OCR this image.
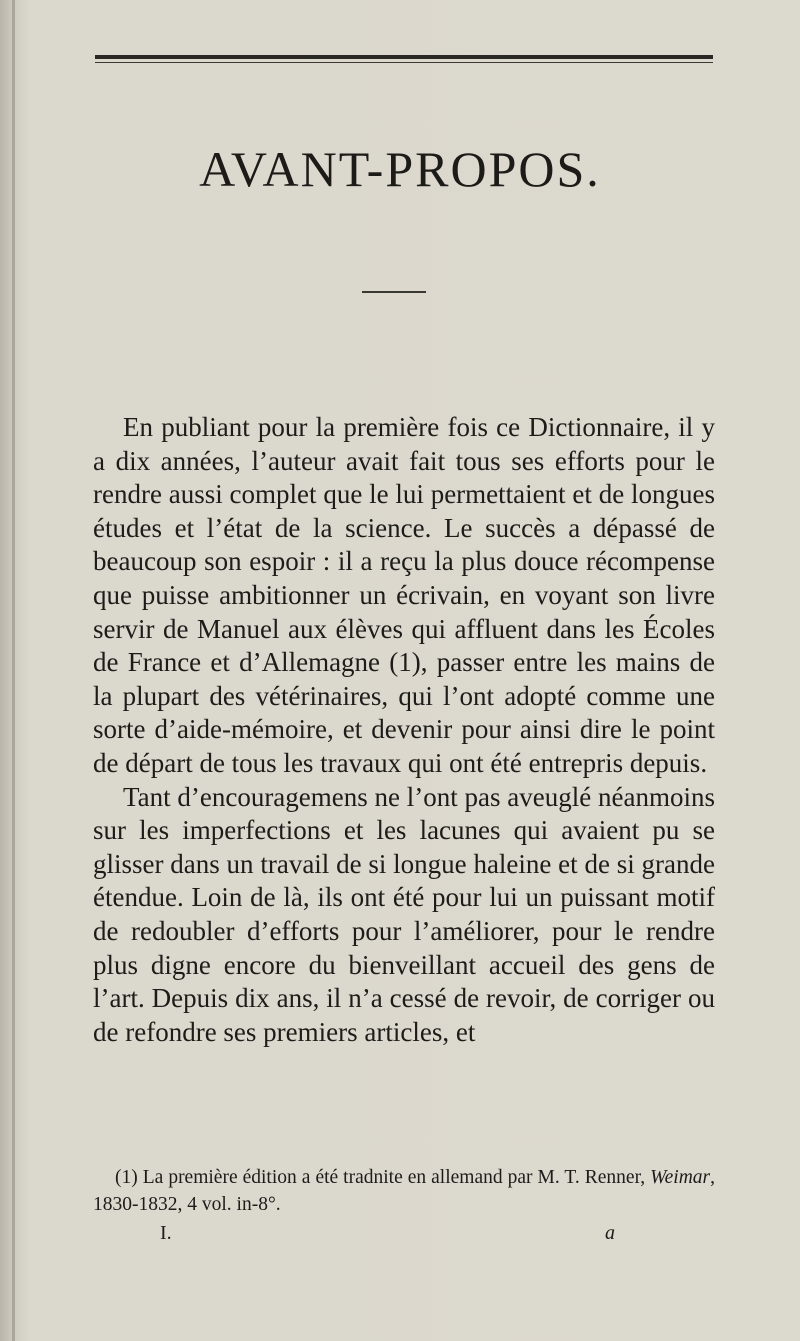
AVANT-PROPOS.

En publiant pour la première fois ce Dictionnaire, il y a dix années, l’auteur avait fait tous ses efforts pour le rendre aussi complet que le lui permettaient et de longues études et l’état de la science. Le succès a dépassé de beaucoup son espoir : il a reçu la plus douce récompense que puisse ambitionner un écrivain, en voyant son livre servir de Manuel aux élèves qui affluent dans les Écoles de France et d’Allemagne (1), passer entre les mains de la plupart des vétérinaires, qui l’ont adopté comme une sorte d’aide-mémoire, et devenir pour ainsi dire le point de départ de tous les travaux qui ont été entrepris depuis.

Tant d’encouragemens ne l’ont pas aveuglé néanmoins sur les imperfections et les lacunes qui avaient pu se glisser dans un travail de si longue haleine et de si grande étendue. Loin de là, ils ont été pour lui un puissant motif de redoubler d’efforts pour l’améliorer, pour le rendre plus digne encore du bienveillant accueil des gens de l’art. Depuis dix ans, il n’a cessé de revoir, de corriger ou de refondre ses premiers articles, et

(1) La première édition a été tradnite en allemand par M. T. Renner, Weimar, 1830-1832, 4 vol. in-8°.

I.	a
